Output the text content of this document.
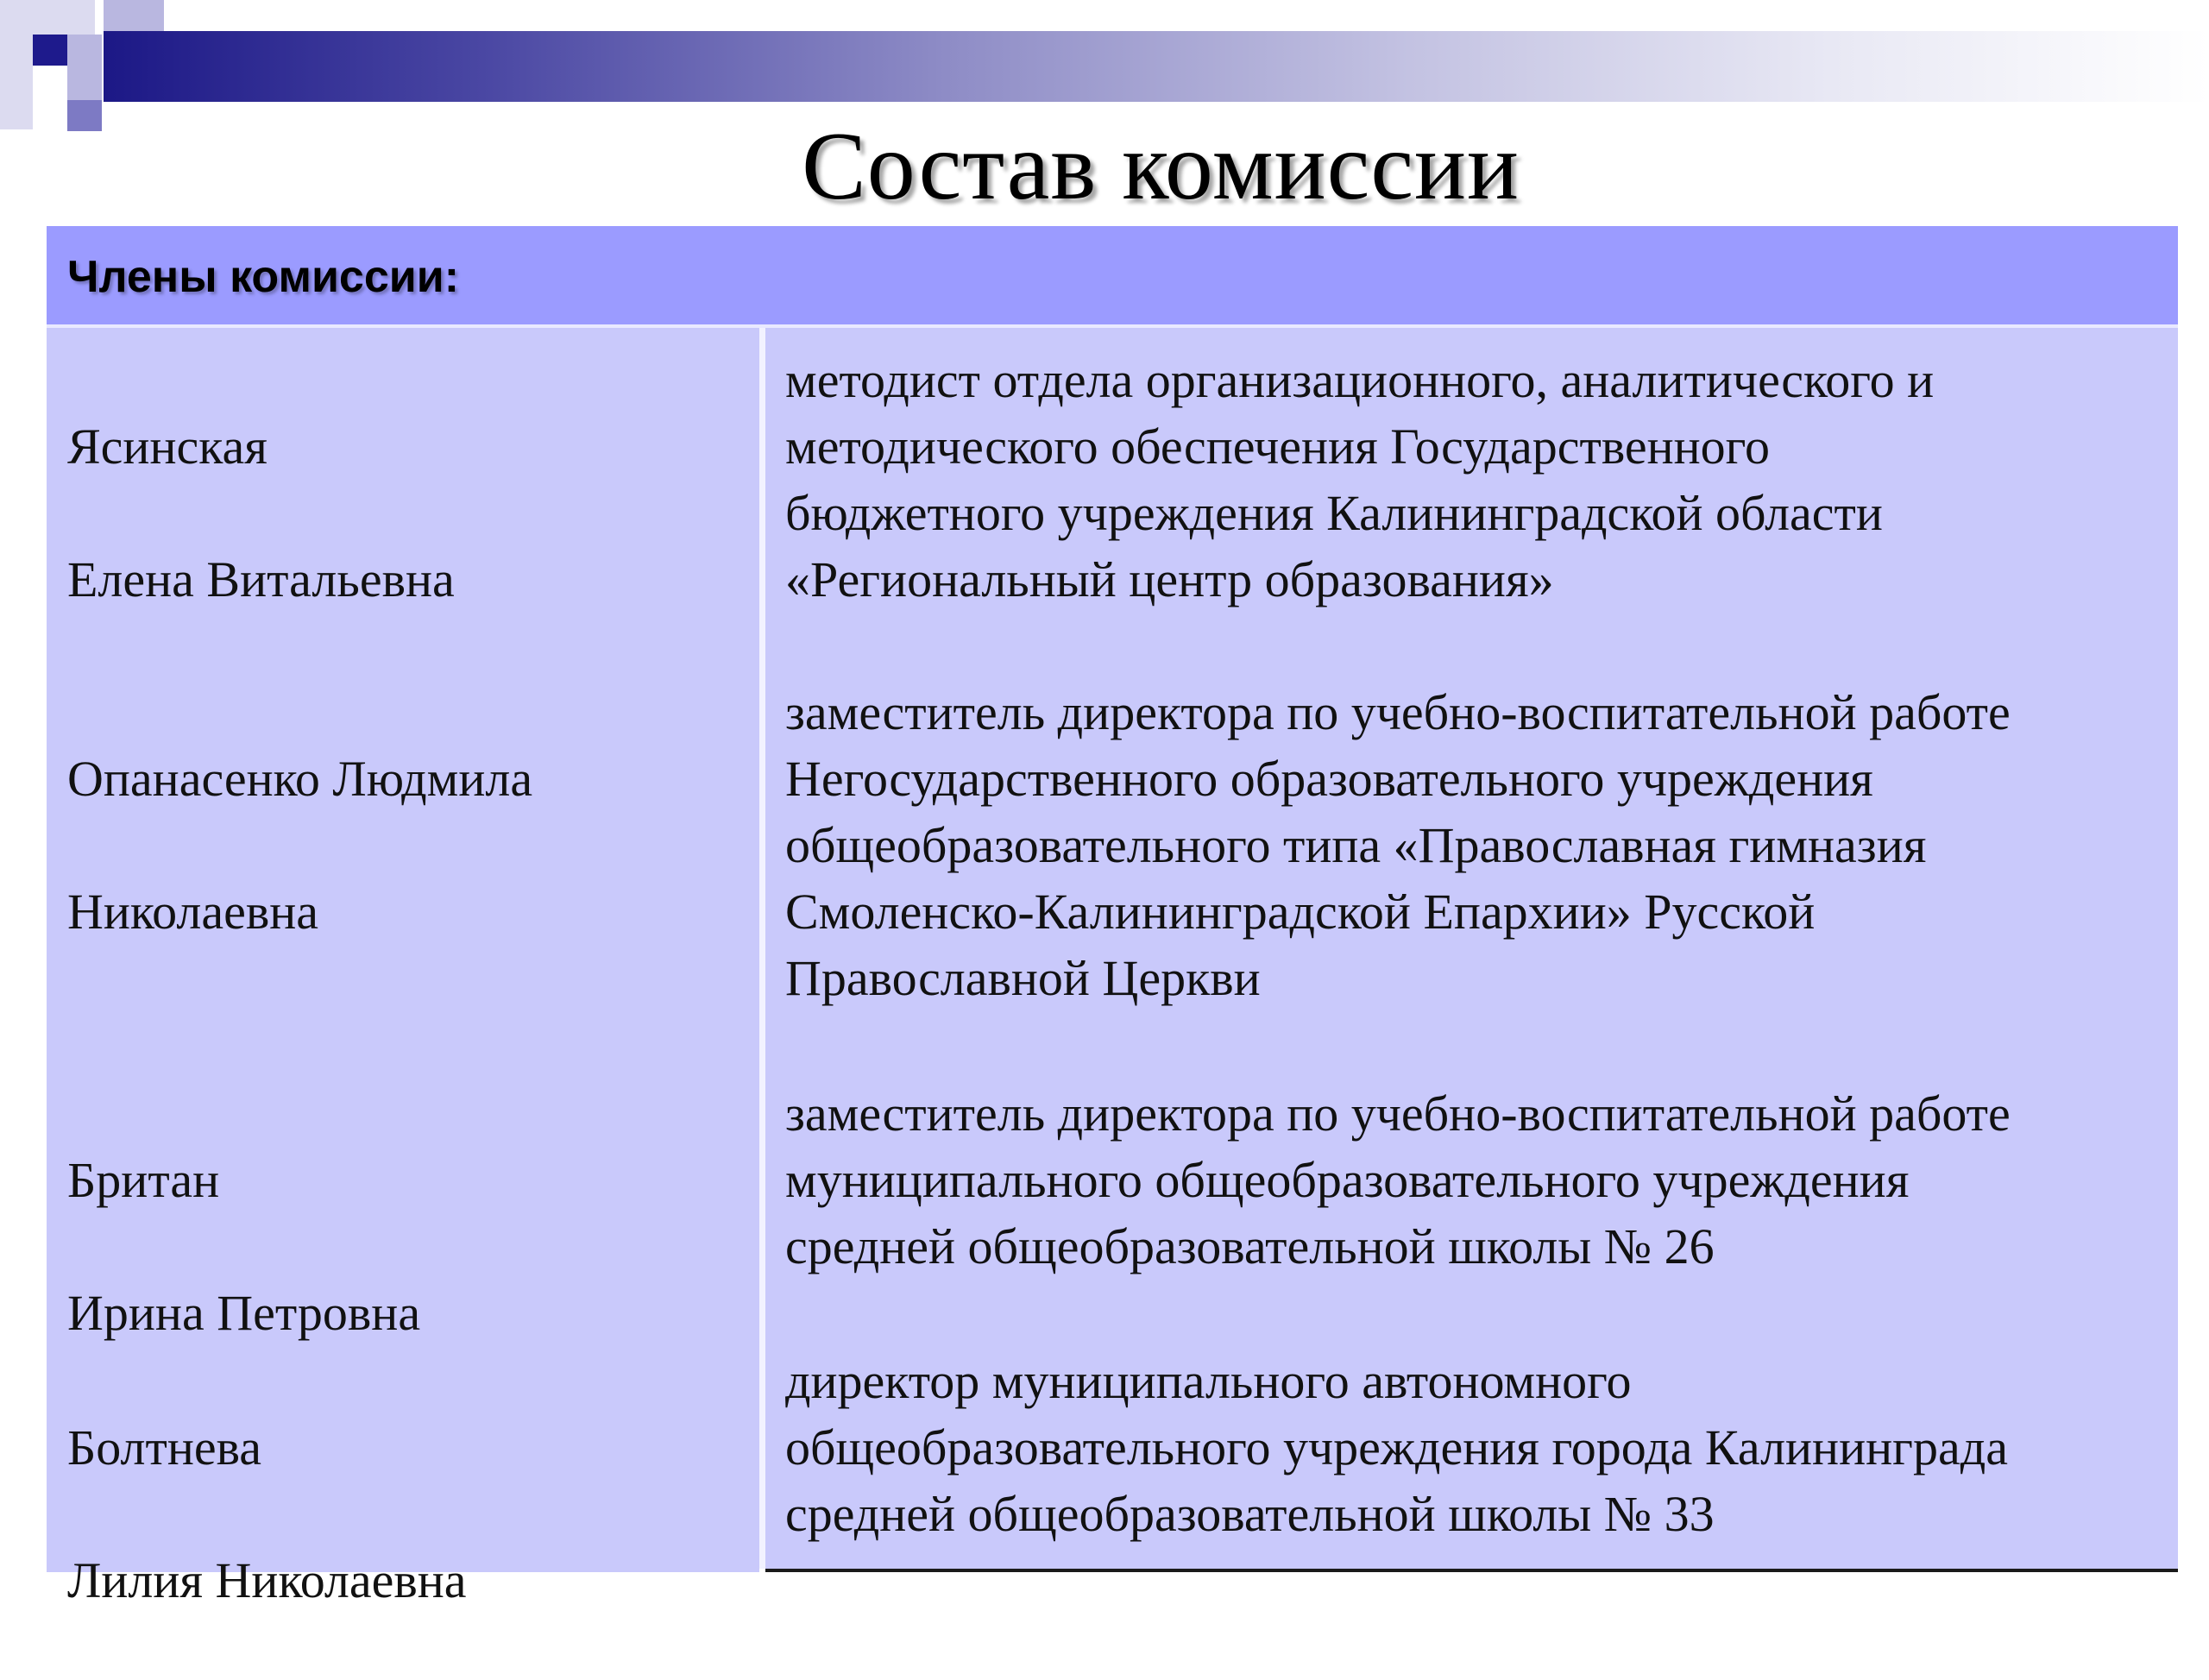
Состав комиссии
Члены комиссии:

Ясинская

Елена Витальевна

методист отдела организационного, аналитического и
методического обеспечения Государственного
бюджетного учреждения Калининградской области
«Региональный центр образования»

Опанасенко Людмила

Николаевна

заместитель директора по учебно-воспитательной работе
Негосударственного образовательного учреждения
общеобразовательного типа «Православная гимназия
Смоленско-Калининградской Епархии» Русской
Православной Церкви

Британ

Ирина Петровна

заместитель директора по учебно-воспитательной работе
муниципального общеобразовательного учреждения
средней общеобразовательной школы № 26

Болтнева

Лилия Николаевна

директор муниципального автономного
общеобразовательного учреждения города Калининграда
средней общеобразовательной школы № 33
